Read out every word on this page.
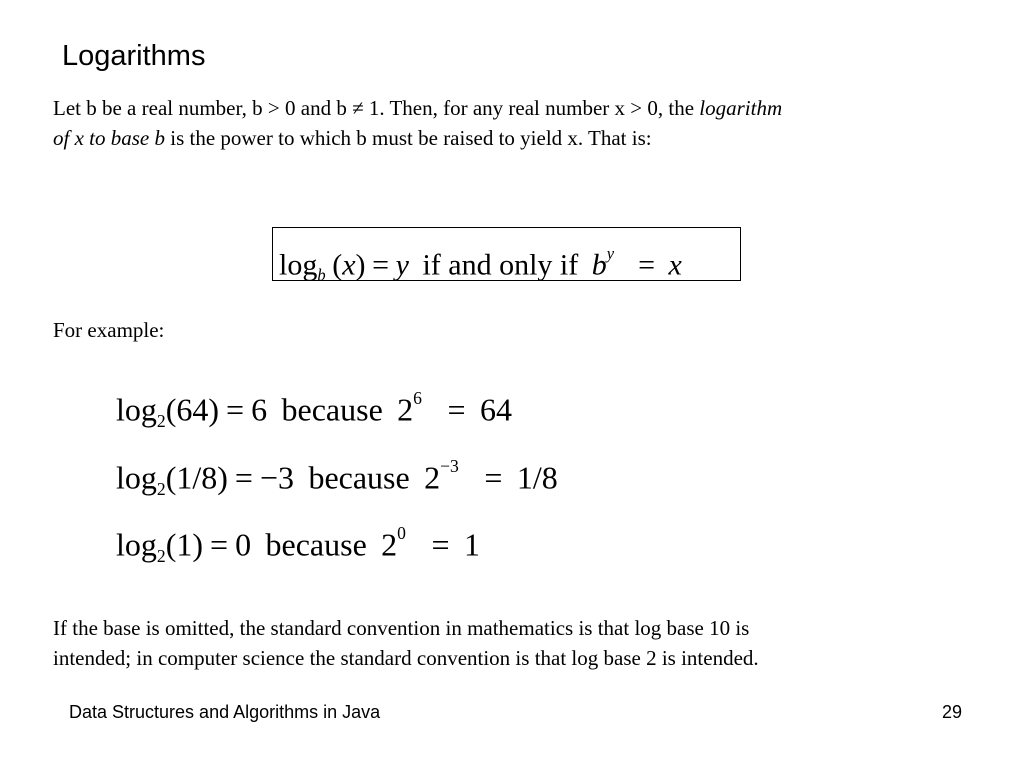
Logarithms

Let b be a real number, b > 0 and b ≠ 1. Then, for any real number x > 0, the logarithm
of x to base b is the power to which b must be raised to yield x. That is:

$\log_b (x) = y$ if and only if $b^y = x$

For example:

$\log_2(64) = 6$ because $2^6 = 64$
$\log_2(1/8) = -3$ because $2^{-3} = 1/8$
$\log_2(1) = 0$ because $2^0 = 1$

If the base is omitted, the standard convention in mathematics is that log base 10 is
intended; in computer science the standard convention is that log base 2 is intended.

Data Structures and Algorithms in Java	29
